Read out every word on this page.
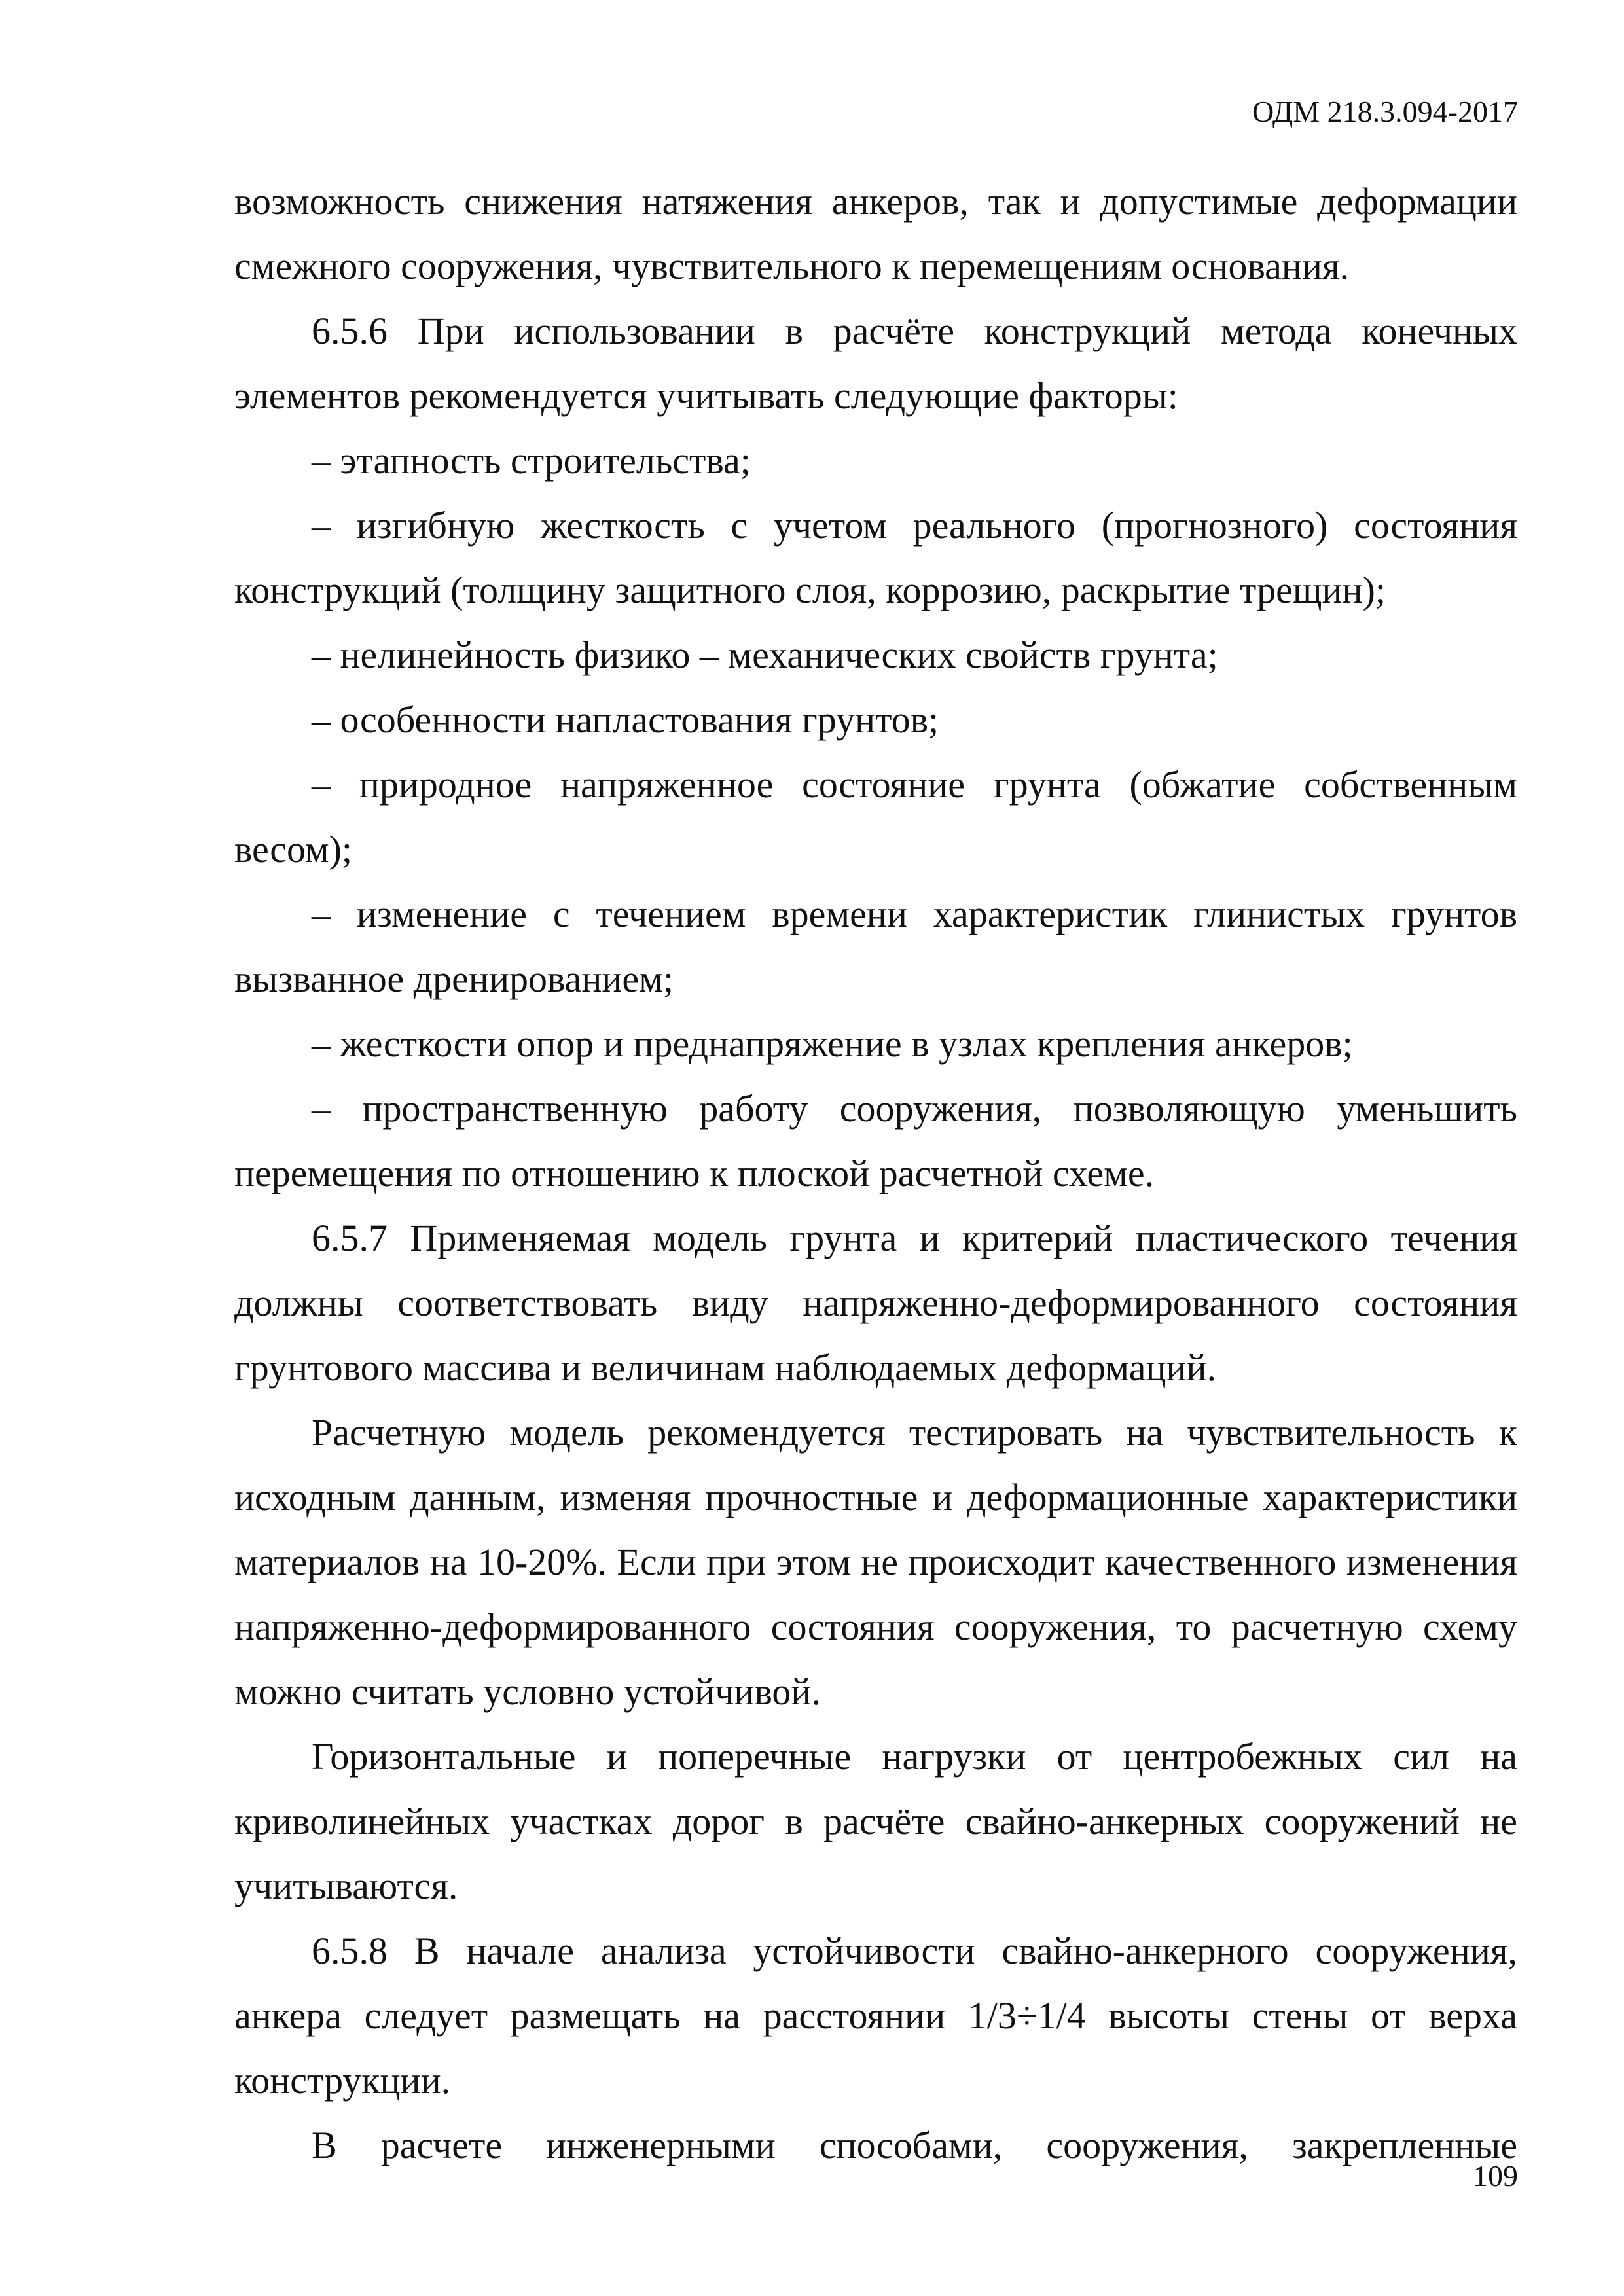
ОДМ 218.3.094-2017

возможность снижения натяжения анкеров, так и допустимые деформации смежного сооружения, чувствительного к перемещениям основания.

6.5.6 При использовании в расчёте конструкций метода конечных элементов рекомендуется учитывать следующие факторы:

– этапность строительства;

– изгибную жесткость с учетом реального (прогнозного) состояния конструкций (толщину защитного слоя, коррозию, раскрытие трещин);

– нелинейность физико – механических свойств грунта;

– особенности напластования грунтов;

– природное напряженное состояние грунта (обжатие собственным весом);

– изменение с течением времени характеристик глинистых грунтов вызванное дренированием;

– жесткости опор и преднапряжение в узлах крепления анкеров;

– пространственную работу сооружения, позволяющую уменьшить перемещения по отношению к плоской расчетной схеме.

6.5.7 Применяемая модель грунта и критерий пластического течения должны соответствовать виду напряженно-деформированного состояния грунтового массива и величинам наблюдаемых деформаций.

Расчетную модель рекомендуется тестировать на чувствительность к исходным данным, изменяя прочностные и деформационные характеристики материалов на 10-20%. Если при этом не происходит качественного изменения напряженно-деформированного состояния сооружения, то расчетную схему можно считать условно устойчивой.

Горизонтальные и поперечные нагрузки от центробежных сил на криволинейных участках дорог в расчёте свайно-анкерных сооружений не учитываются.

6.5.8 В начале анализа устойчивости свайно-анкерного сооружения, анкера следует размещать на расстоянии 1/3÷1/4 высоты стены от верха конструкции.

В расчете инженерными способами, сооружения, закрепленные

109
